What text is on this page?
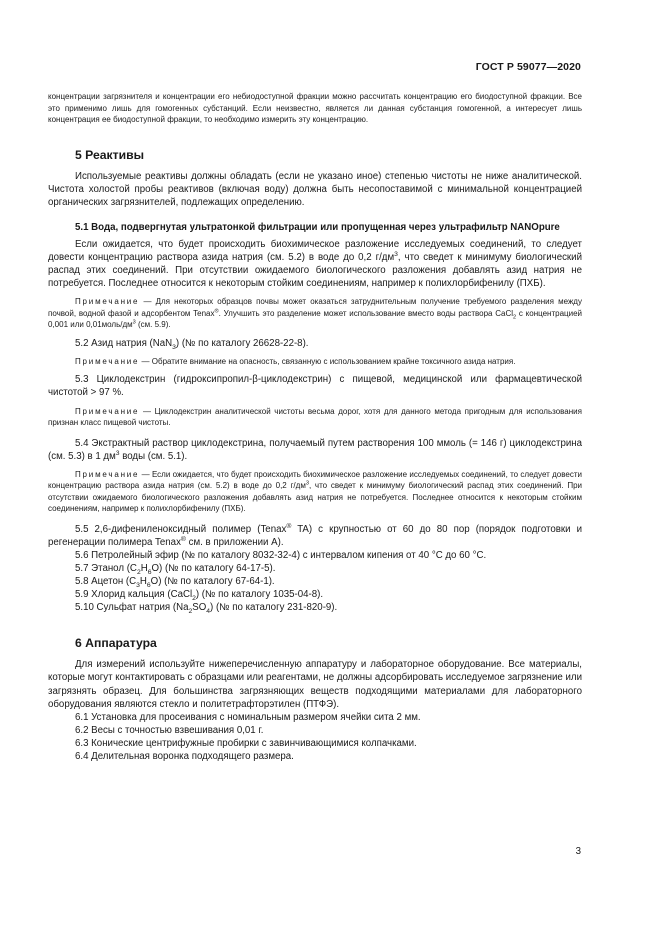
ГОСТ Р 59077—2020

концентрации загрязнителя и концентрации его небиодоступной фракции можно рассчитать концентрацию его биодоступной фракции. Все это применимо лишь для гомогенных субстанций. Если неизвестно, является ли данная субстанция гомогенной, а интересует лишь концентрация ее биодоступной фракции, то необходимо измерить эту концентрацию.

5 Реактивы

Используемые реактивы должны обладать (если не указано иное) степенью чистоты не ниже аналитической. Чистота холостой пробы реактивов (включая воду) должна быть несопоставимой с минимальной концентрацией органических загрязнителей, подлежащих определению.

5.1 Вода, подвергнутая ультратонкой фильтрации или пропущенная через ультрафильтр NANOpure

Если ожидается, что будет происходить биохимическое разложение исследуемых соединений, то следует довести концентрацию раствора азида натрия (см. 5.2) в воде до 0,2 $г/дм^3$, что сведет к минимуму биологический распад этих соединений. При отсутствии ожидаемого биологического разложения добавлять азид натрия не потребуется. Последнее относится к некоторым стойким соединениям, например к полихлорбифенилу (ПХБ).

Примечание — Для некоторых образцов почвы может оказаться затруднительным получение требуемого разделения между почвой, водной фазой и адсорбентом Tenax®. Улучшить это разделение может использование вместо воды раствора CaCl$_2$ с концентрацией 0,001 или $0,01моль/дм^3$ (см. 5.9).

5.2 Азид натрия (NaN$_3$) (№ по каталогу 26628-22-8).

Примечание — Обратите внимание на опасность, связанную с использованием крайне токсичного азида натрия.

5.3 Циклодекстрин (гидроксипропил-β-циклодекстрин) с пищевой, медицинской или фармацевтической чистотой > 97 %.

Примечание — Циклодекстрин аналитической чистоты весьма дорог, хотя для данного метода пригодным для использования признан класс пищевой чистоты.

5.4 Экстрактный раствор циклодекстрина, получаемый путем растворения 100 ммоль (= 146 г) циклодекстрина (см. 5.3) в 1 $дм^3$ воды (см. 5.1).

Примечание — Если ожидается, что будет происходить биохимическое разложение исследуемых соединений, то следует довести концентрацию раствора азида натрия (см. 5.2) в воде до 0,2 $г/дм^3$, что сведет к минимуму биологический распад этих соединений. При отсутствии ожидаемого биологического разложения добавлять азид натрия не потребуется. Последнее относится к некоторым стойким соединениям, например к полихлорбифенилу (ПХБ).

5.5 2,6-дифениленоксидный полимер (Tenax® TA) с крупностью от 60 до 80 пор (порядок подготовки и регенерации полимера Tenax® см. в приложении А).

5.6 Петролейный эфир (№ по каталогу 8032-32-4) с интервалом кипения от 40 °C до 60 °C.

5.7 Этанол $(C_2H_6O)$ (№ по каталогу 64-17-5).

5.8 Ацетон $(C_3H_6O)$ (№ по каталогу 67-64-1).

5.9 Хлорид кальция (CaCl$_2$) (№ по каталогу 1035-04-8).

5.10 Сульфат натрия $(Na_2SO_4)$ (№ по каталогу 231-820-9).

6 Аппаратура

Для измерений используйте нижеперечисленную аппаратуру и лабораторное оборудование. Все материалы, которые могут контактировать с образцами или реагентами, не должны адсорбировать исследуемое загрязнение или загрязнять образец. Для большинства загрязняющих веществ подходящими материалами для лабораторного оборудования являются стекло и политетрафторэтилен (ПТФЭ).

6.1 Установка для просеивания с номинальным размером ячейки сита 2 мм.

6.2 Весы с точностью взвешивания 0,01 г.

6.3 Конические центрифужные пробирки с завинчивающимися колпачками.

6.4 Делительная воронка подходящего размера.

3
